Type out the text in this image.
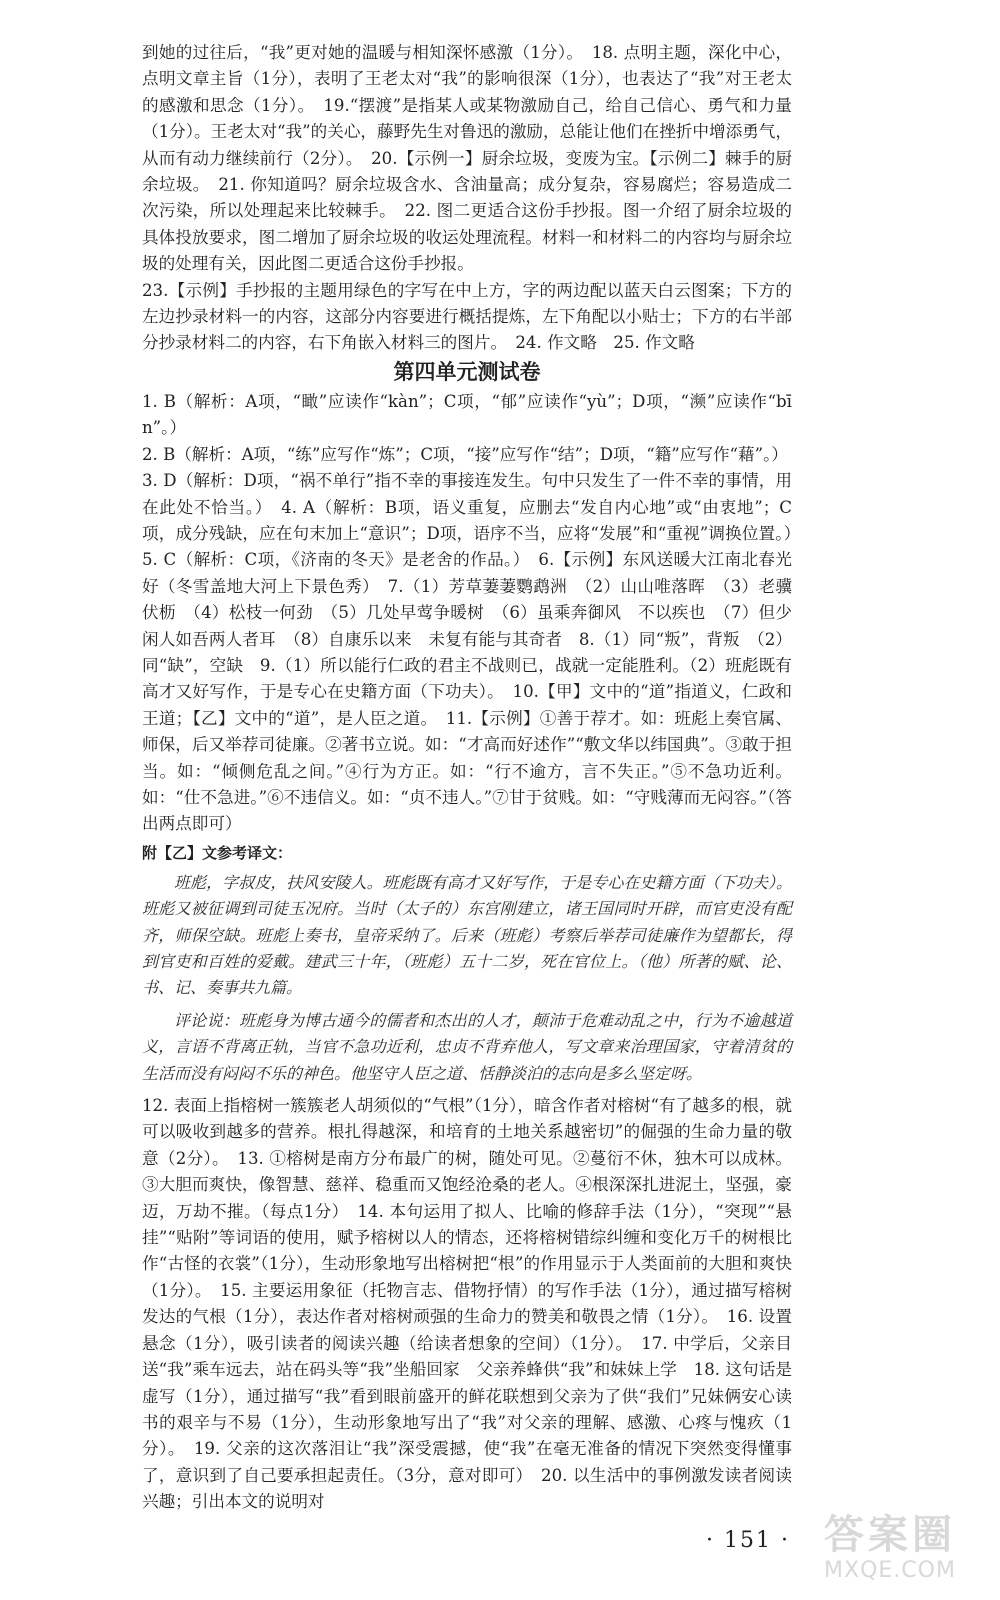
到她的过往后，“我”更对她的温暖与相知深怀感激（1分）。　18. 点明主题，深化中心，点明文章主旨（1分），表明了王老太对“我”的影响很深（1分），也表达了“我”对王老太的感激和思念（1分）。　19.“摆渡”是指某人或某物激励自己，给自己信心、勇气和力量（1分）。王老太对“我”的关心，藤野先生对鲁迅的激励，总能让他们在挫折中增添勇气，从而有动力继续前行（2分）。　20.【示例一】厨余垃圾，变废为宝。【示例二】棘手的厨余垃圾。　21. 你知道吗？厨余垃圾含水、含油量高；成分复杂，容易腐烂；容易造成二次污染，所以处理起来比较棘手。　22. 图二更适合这份手抄报。图一介绍了厨余垃圾的具体投放要求，图二增加了厨余垃圾的收运处理流程。材料一和材料二的内容均与厨余垃圾的处理有关，因此图二更适合这份手抄报。

23.【示例】手抄报的主题用绿色的字写在中上方，字的两边配以蓝天白云图案；下方的左边抄录材料一的内容，这部分内容要进行概括提炼，左下角配以小贴士；下方的右半部分抄录材料二的内容，右下角嵌入材料三的图片。　24. 作文略　25. 作文略

第四单元测试卷

1. B（解析：A项，“瞰”应读作“kàn”；C项，“郁”应读作“yù”；D项，“濒”应读作“bīn”。）

2. B（解析：A项，“练”应写作“炼”；C项，“接”应写作“结”；D项，“籍”应写作“藉”。）

3. D（解析：D项，“祸不单行”指不幸的事接连发生。句中只发生了一件不幸的事情，用在此处不恰当。）　4. A（解析：B项，语义重复，应删去“发自内心地”或“由衷地”；C项，成分残缺，应在句末加上“意识”；D项，语序不当，应将“发展”和“重视”调换位置。）　5. C（解析：C项，《济南的冬天》是老舍的作品。）　6.【示例】东风送暖大江南北春光好（冬雪盖地大河上下景色秀）　7.（1）芳草萋萋鹦鹉洲　（2）山山唯落晖　（3）老骥伏枥　（4）松枝一何劲　（5）几处早莺争暖树　（6）虽乘奔御风　不以疾也　（7）但少闲人如吾两人者耳　（8）自康乐以来　未复有能与其奇者　8.（1）同“叛”，背叛　（2）同“缺”，空缺　9.（1）所以能行仁政的君主不战则已，战就一定能胜利。（2）班彪既有高才又好写作，于是专心在史籍方面（下功夫）。　10.【甲】文中的“道”指道义，仁政和王道；【乙】文中的“道”，是人臣之道。　11.【示例】①善于荐才。如：班彪上奏官属、师保，后又举荐司徒廉。②著书立说。如：“才高而好述作”“敷文华以纬国典”。③敢于担当。如：“倾侧危乱之间。”④行为方正。如：“行不逾方，言不失正。”⑤不急功近利。如：“仕不急进。”⑥不违信义。如：“贞不违人。”⑦甘于贫贱。如：“守贱薄而无闷容。”（答出两点即可）

附【乙】文参考译文：

班彪，字叔皮，扶风安陵人。班彪既有高才又好写作，于是专心在史籍方面（下功夫）。班彪又被征调到司徒玉况府。当时（太子的）东宫刚建立，诸王国同时开辟，而官吏没有配齐，师保空缺。班彪上奏书，皇帝采纳了。后来（班彪）考察后举荐司徒廉作为望都长，得到官吏和百姓的爱戴。建武三十年，（班彪）五十二岁，死在官位上。（他）所著的赋、论、书、记、奏事共九篇。

评论说：班彪身为博古通今的儒者和杰出的人才，颠沛于危难动乱之中，行为不逾越道义，言语不背离正轨，当官不急功近利，忠贞不背弃他人，写文章来治理国家，守着清贫的生活而没有闷闷不乐的神色。他坚守人臣之道、恬静淡泊的志向是多么坚定呀。

12. 表面上指榕树一簇簇老人胡须似的“气根”（1分），暗含作者对榕树“有了越多的根，就可以吸收到越多的营养。根扎得越深，和培育的土地关系越密切”的倔强的生命力量的敬意（2分）。　13. ①榕树是南方分布最广的树，随处可见。②蔓衍不休，独木可以成林。③大胆而爽快，像智慧、慈祥、稳重而又饱经沧桑的老人。④根深深扎进泥土，坚强，豪迈，万劫不摧。（每点1分）　14. 本句运用了拟人、比喻的修辞手法（1分），“突现”“悬挂”“贴附”等词语的使用，赋予榕树以人的情态，还将榕树错综纠缠和变化万千的树根比作“古怪的衣裳”（1分），生动形象地写出榕树把“根”的作用显示于人类面前的大胆和爽快（1分）。　15. 主要运用象征（托物言志、借物抒情）的写作手法（1分），通过描写榕树发达的气根（1分），表达作者对榕树顽强的生命力的赞美和敬畏之情（1分）。　16. 设置悬念（1分），吸引读者的阅读兴趣（给读者想象的空间）（1分）。　17. 中学后，父亲目送“我”乘车远去，站在码头等“我”坐船回家　父亲养蜂供“我”和妹妹上学　18. 这句话是虚写（1分），通过描写“我”看到眼前盛开的鲜花联想到父亲为了供“我们”兄妹俩安心读书的艰辛与不易（1分），生动形象地写出了“我”对父亲的理解、感激、心疼与愧疚（1分）。　19. 父亲的这次落泪让“我”深受震撼，使“我”在毫无准备的情况下突然变得懂事了，意识到了自己要承担起责任。（3分，意对即可）　20. 以生活中的事例激发读者阅读兴趣；引出本文的说明对

· 151 · 答案圈
MXQE.COM
